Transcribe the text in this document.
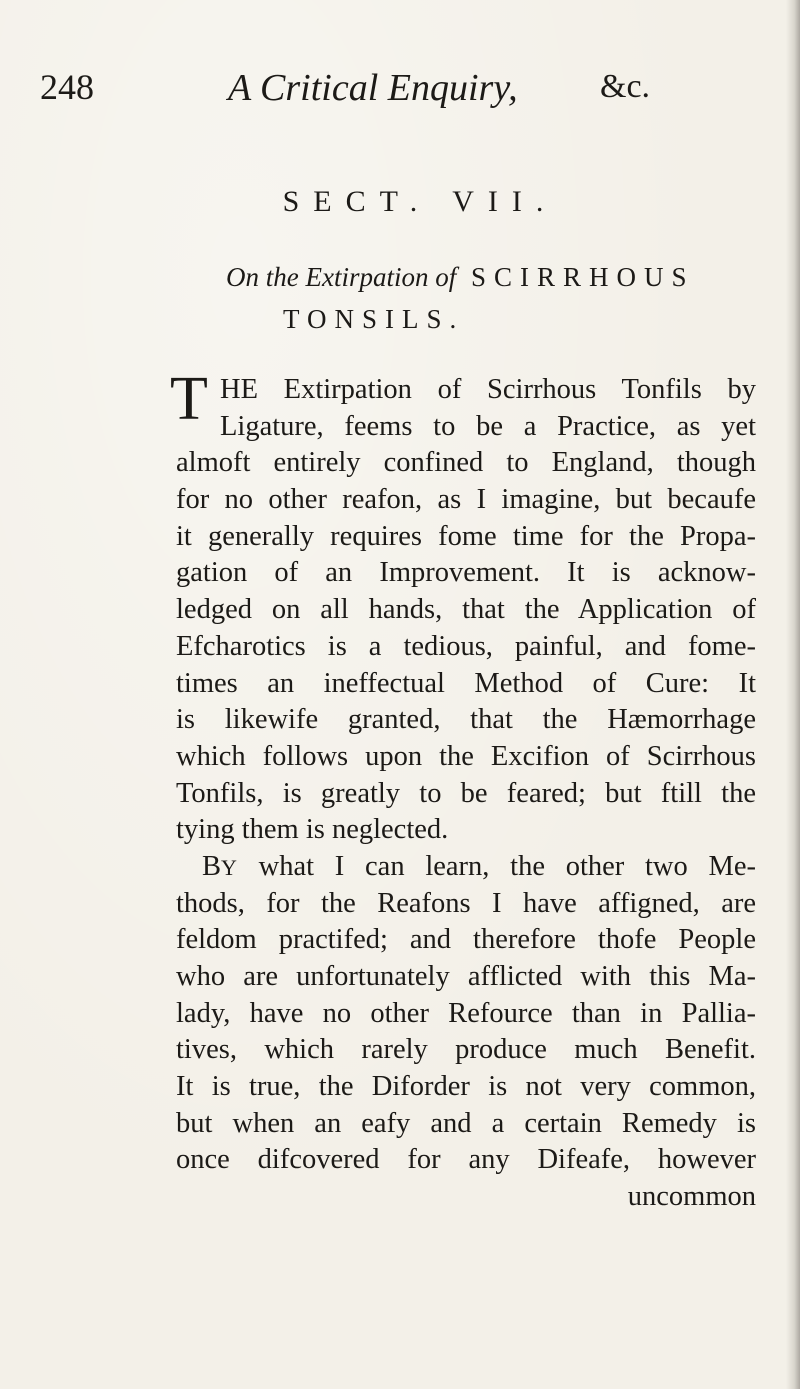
248	A Critical Enquiry, &c.
SECT. VII.
On the Extirpation of SCIRRHOUS
TONSILS.
T HE Extirpation of Scirrhous Tonfils by
Ligature, feems to be a Practice, as yet
almoft entirely confined to England, though
for no other reafon, as I imagine, but becaufe
it generally requires fome time for the Propa-
gation of an Improvement. It is acknow-
ledged on all hands, that the Application of
Efcharotics is a tedious, painful, and fome-
times an ineffectual Method of Cure: It
is likewife granted, that the Hæmorrhage
which follows upon the Excifion of Scirrhous
Tonfils, is greatly to be feared; but ftill the
tying them is neglected.
BY what I can learn, the other two Me-
thods, for the Reafons I have affigned, are
feldom practifed; and therefore thofe People
who are unfortunately afflicted with this Ma-
lady, have no other Refource than in Pallia-
tives, which rarely produce much Benefit.
It is true, the Diforder is not very common,
but when an eafy and a certain Remedy is
once difcovered for any Difeafe, however
uncommon
